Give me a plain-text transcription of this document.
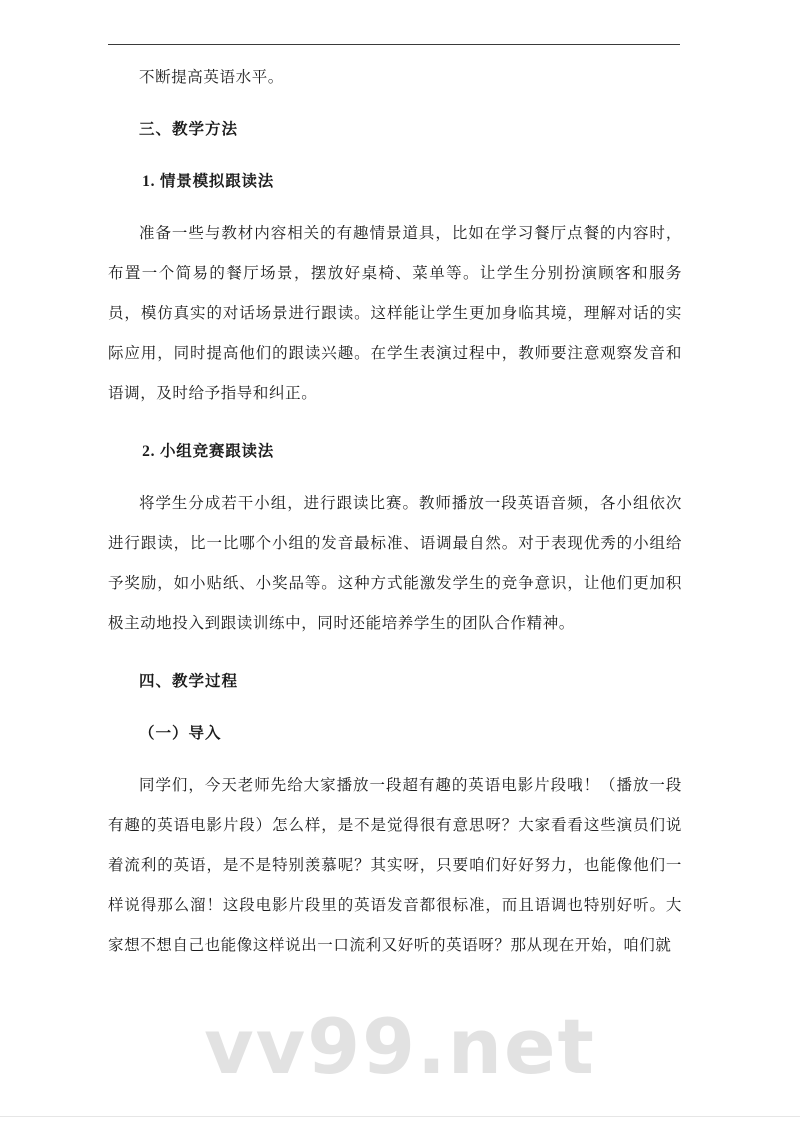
不断提高英语水平。

三、教学方法

1. 情景模拟跟读法

准备一些与教材内容相关的有趣情景道具，比如在学习餐厅点餐的内容时，布置一个简易的餐厅场景，摆放好桌椅、菜单等。让学生分别扮演顾客和服务员，模仿真实的对话场景进行跟读。这样能让学生更加身临其境，理解对话的实际应用，同时提高他们的跟读兴趣。在学生表演过程中，教师要注意观察发音和语调，及时给予指导和纠正。

2. 小组竞赛跟读法

将学生分成若干小组，进行跟读比赛。教师播放一段英语音频，各小组依次进行跟读，比一比哪个小组的发音最标准、语调最自然。对于表现优秀的小组给予奖励，如小贴纸、小奖品等。这种方式能激发学生的竞争意识，让他们更加积极主动地投入到跟读训练中，同时还能培养学生的团队合作精神。

四、教学过程

（一）导入

同学们，今天老师先给大家播放一段超有趣的英语电影片段哦！（播放一段有趣的英语电影片段）怎么样，是不是觉得很有意思呀？大家看看这些演员们说着流利的英语，是不是特别羡慕呢？其实呀，只要咱们好好努力，也能像他们一样说得那么溜！这段电影片段里的英语发音都很标准，而且语调也特别好听。大家想不想自己也能像这样说出一口流利又好听的英语呀？那从现在开始，咱们就

vv99.net
